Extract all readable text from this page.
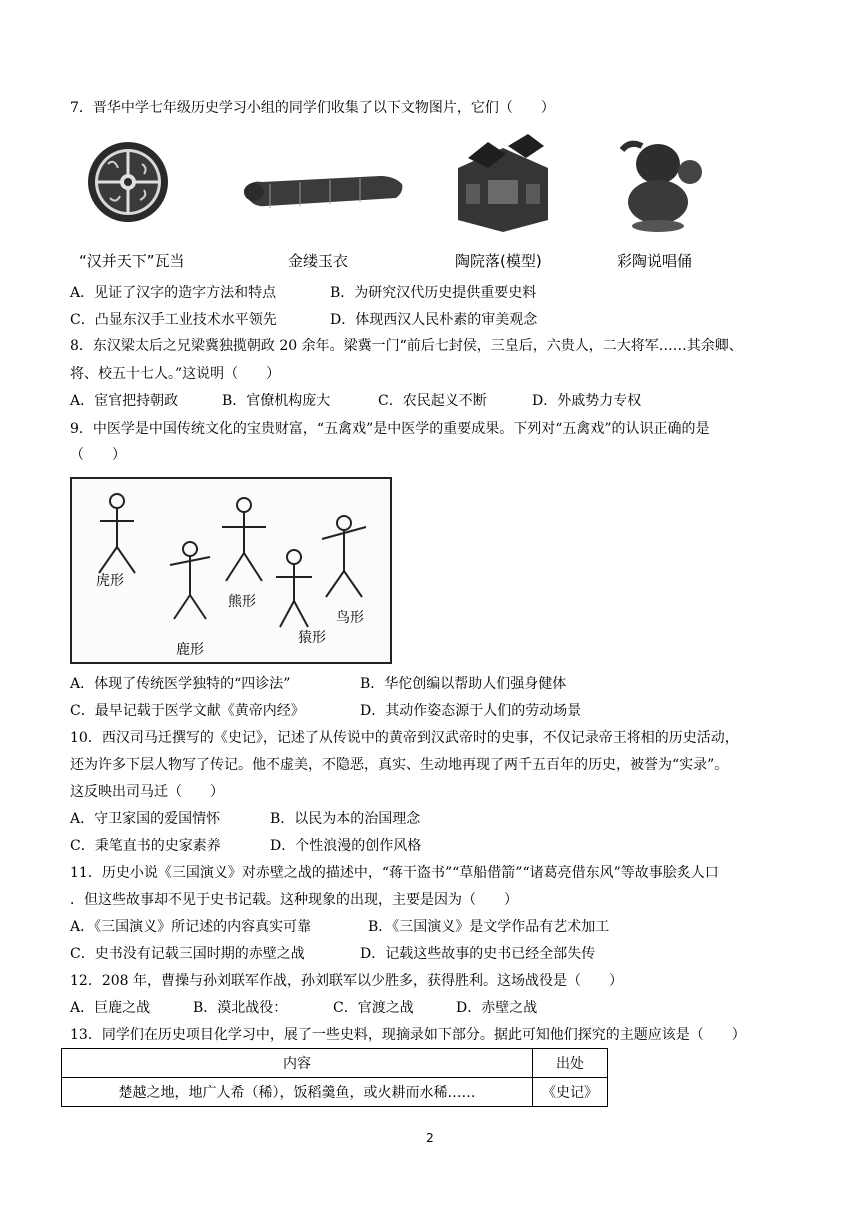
7．晋华中学七年级历史学习小组的同学们收集了以下文物图片，它们（　　）
“汉并天下”瓦当	金缕玉衣	陶院落(模型)	彩陶说唱俑
A．见证了汉字的造字方法和特点	B．为研究汉代历史提供重要史料
C．凸显东汉手工业技术水平领先	D．体现西汉人民朴素的审美观念
8．东汉梁太后之兄梁冀独揽朝政 20 余年。梁冀一门“前后七封侯，三皇后，六贵人，二大将军……其余卿、
将、校五十七人。”这说明（　　）
A．宦官把持朝政	B．官僚机构庞大	C．农民起义不断	D．外戚势力专权
9．中医学是中国传统文化的宝贵财富，“五禽戏”是中医学的重要成果。下列对“五禽戏”的认识正确的是
（　　）
虎形
熊形
鸟形
猿形
鹿形
A．体现了传统医学独特的“四诊法”	B．华佗创编以帮助人们强身健体
C．最早记载于医学文献《黄帝内经》	D．其动作姿态源于人们的劳动场景
10．西汉司马迁撰写的《史记》，记述了从传说中的黄帝到汉武帝时的史事，不仅记录帝王将相的历史活动，
还为许多下层人物写了传记。他不虚美，不隐恶，真实、生动地再现了两千五百年的历史，被誉为“实录”。
这反映出司马迁（　　）
A．守卫家国的爱国情怀	B．以民为本的治国理念
C．秉笔直书的史家素养	D．个性浪漫的创作风格
11．历史小说《三国演义》对赤壁之战的描述中，“蒋干盗书”“草船借箭”“诸葛亮借东风”等故事脍炙人口
．但这些故事却不见于史书记载。这种现象的出现，主要是因为（　　）
A．《三国演义》所记述的内容真实可靠	B．《三国演义》是文学作品有艺术加工
C．史书没有记载三国时期的赤壁之战	D．记载这些故事的史书已经全部失传
12．208 年，曹操与孙刘联军作战，孙刘联军以少胜多，获得胜利。这场战役是（　　）
A．巨鹿之战	B．漠北战役：	C．官渡之战	D．赤壁之战
13．同学们在历史项目化学习中，展了一些史料，现摘录如下部分。据此可知他们探究的主题应该是（　　）
内容	出处
楚越之地，地广人希（稀），饭稻羹鱼，或火耕而水稀……	《史记》
2
